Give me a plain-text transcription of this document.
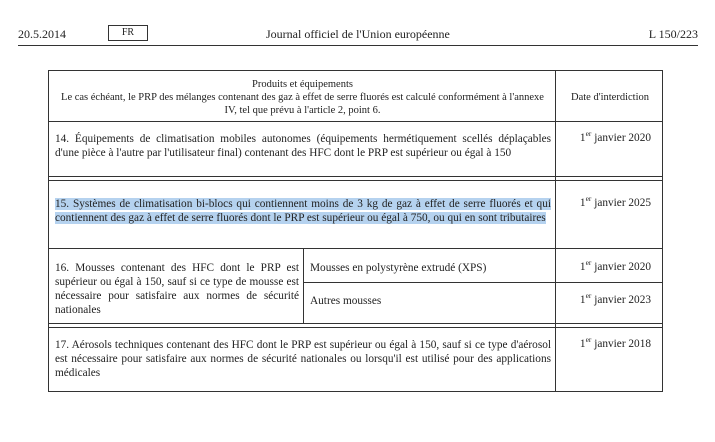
20.5.2014	FR	Journal officiel de l'Union européenne	L 150/223
Produits et équipements
Le cas échéant, le PRP des mélanges contenant des gaz à effet de serre fluorés est calculé conformément à l'annexe IV, tel que prévu à l'article 2, point 6.
Date d'interdiction
14. Équipements de climatisation mobiles autonomes (équipements hermétiquement scellés déplaçables d'une pièce à l'autre par l'utilisateur final) contenant des HFC dont le PRP est supérieur ou égal à 150
1er janvier 2020
15. Systèmes de climatisation bi-blocs qui contiennent moins de 3 kg de gaz à effet de serre fluorés et qui contiennent des gaz à effet de serre fluorés dont le PRP est supérieur ou égal à 750, ou qui en sont tributaires
1er janvier 2025
16. Mousses contenant des HFC dont le PRP est supérieur ou égal à 150, sauf si ce type de mousse est nécessaire pour satisfaire aux normes de sécurité nationales
Mousses en polystyrène extrudé (XPS)	1er janvier 2020
Autres mousses	1er janvier 2023
17. Aérosols techniques contenant des HFC dont le PRP est supérieur ou égal à 150, sauf si ce type d'aérosol est nécessaire pour satisfaire aux normes de sécurité nationales ou lorsqu'il est utilisé pour des applications médicales
1er janvier 2018
